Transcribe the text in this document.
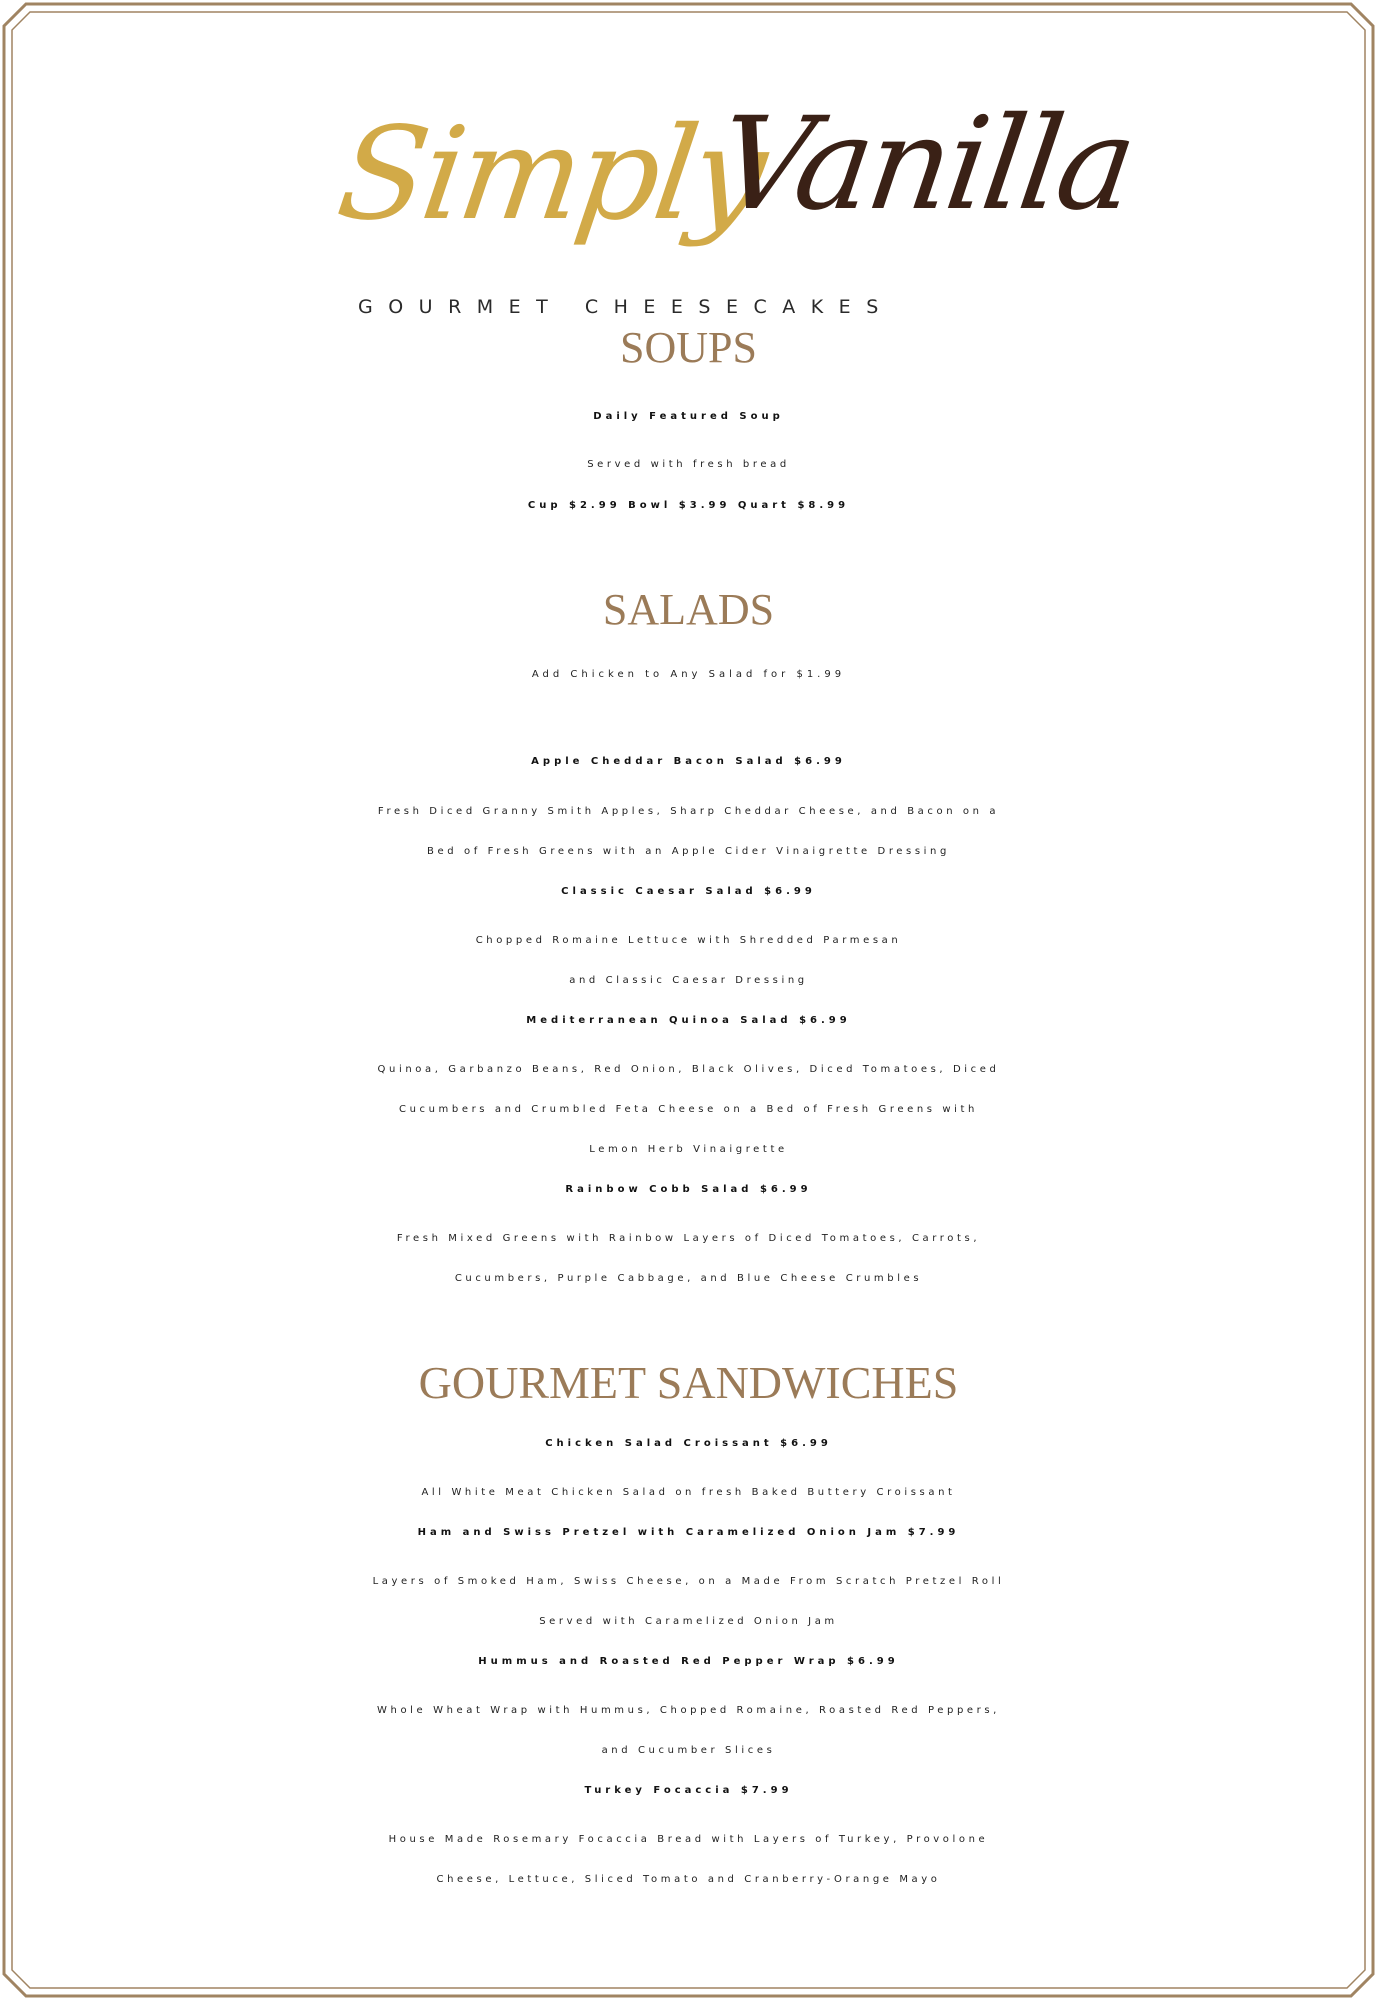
Simply
Vanilla
GOURMET CHEESECAKES
SOUPS
Daily Featured Soup
Served with fresh bread
Cup $2.99 Bowl $3.99 Quart $8.99
SALADS
Add Chicken to Any Salad for $1.99
Apple Cheddar Bacon Salad $6.99
Fresh Diced Granny Smith Apples, Sharp Cheddar Cheese, and Bacon on a
Bed of Fresh Greens with an Apple Cider Vinaigrette Dressing
Classic Caesar Salad $6.99
Chopped Romaine Lettuce with Shredded Parmesan
and Classic Caesar Dressing
Mediterranean Quinoa Salad $6.99
Quinoa, Garbanzo Beans, Red Onion, Black Olives, Diced Tomatoes, Diced
Cucumbers and Crumbled Feta Cheese on a Bed of Fresh Greens with
Lemon Herb Vinaigrette
Rainbow Cobb Salad $6.99
Fresh Mixed Greens with Rainbow Layers of Diced Tomatoes, Carrots,
Cucumbers, Purple Cabbage, and Blue Cheese Crumbles
GOURMET SANDWICHES
Chicken Salad Croissant $6.99
All White Meat Chicken Salad on fresh Baked Buttery Croissant
Ham and Swiss Pretzel with Caramelized Onion Jam $7.99
Layers of Smoked Ham, Swiss Cheese, on a Made From Scratch Pretzel Roll
Served with Caramelized Onion Jam
Hummus and Roasted Red Pepper Wrap $6.99
Whole Wheat Wrap with Hummus, Chopped Romaine, Roasted Red Peppers,
and Cucumber Slices
Turkey Focaccia $7.99
House Made Rosemary Focaccia Bread with Layers of Turkey, Provolone
Cheese, Lettuce, Sliced Tomato and Cranberry-Orange Mayo
